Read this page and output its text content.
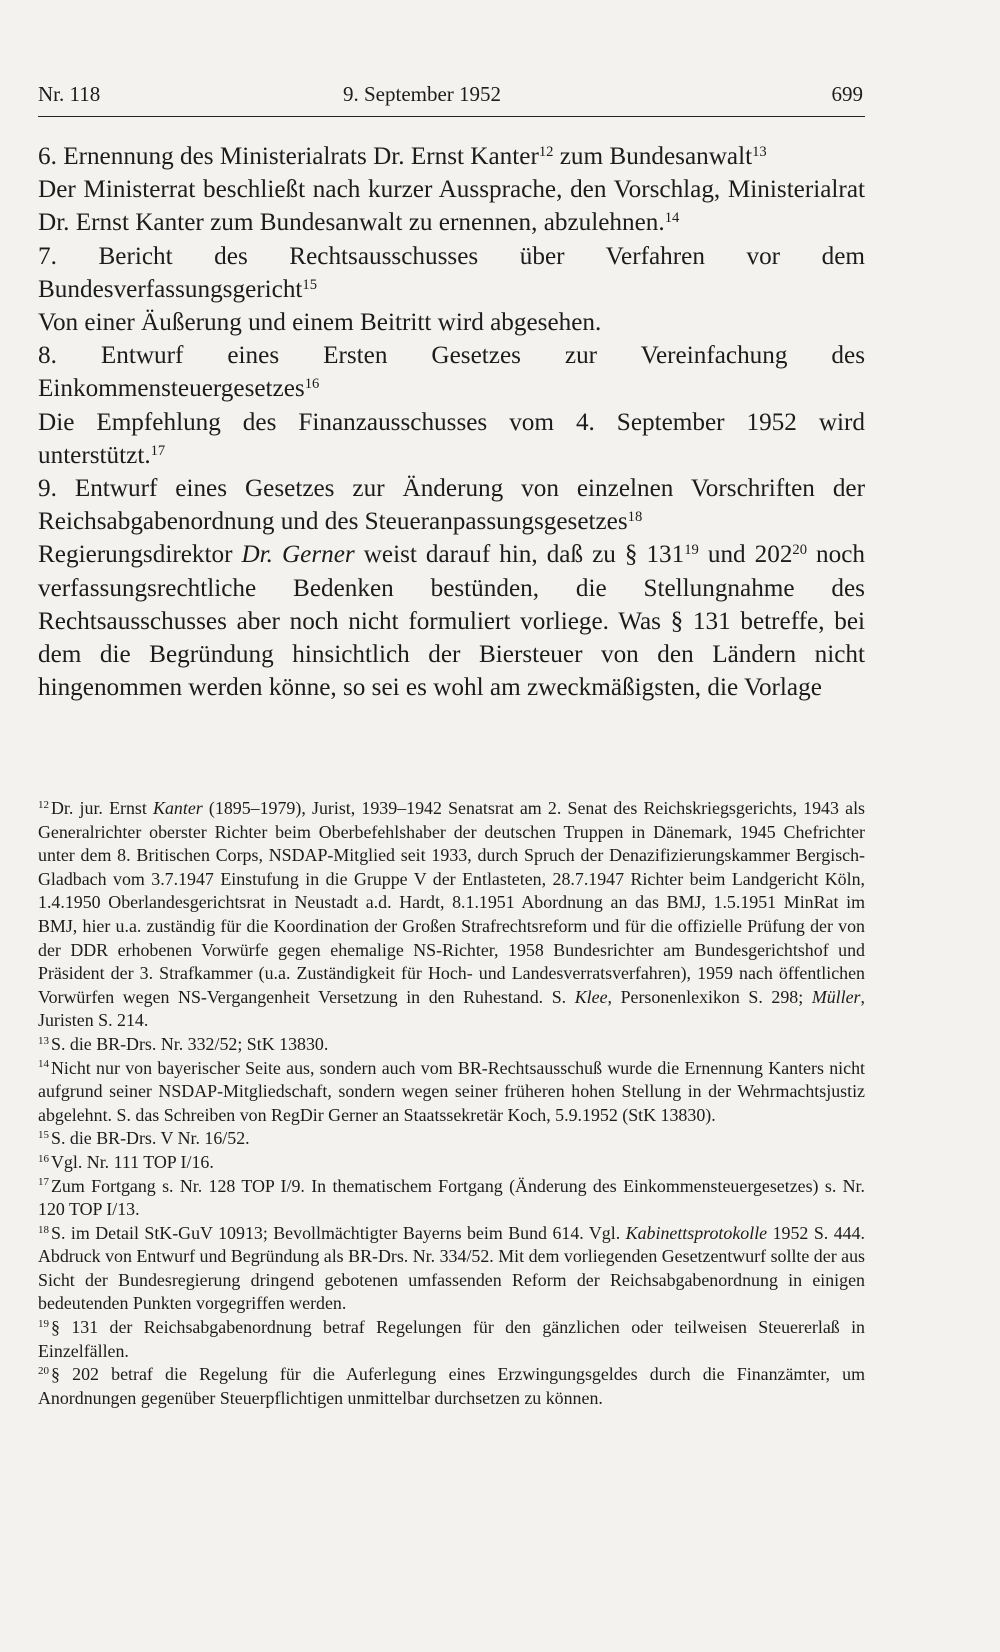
Nr. 118	9. September 1952	699

6. Ernennung des Ministerialrats Dr. Ernst Kanter$^{12}$ zum Bundesanwalt$^{13}$

Der Ministerrat beschließt nach kurzer Aussprache, den Vorschlag, Ministerialrat Dr. Ernst Kanter zum Bundesanwalt zu ernennen, abzulehnen.$^{14}$

7. Bericht des Rechtsausschusses über Verfahren vor dem Bundesverfassungsgericht$^{15}$

Von einer Äußerung und einem Beitritt wird abgesehen.

8. Entwurf eines Ersten Gesetzes zur Vereinfachung des Einkommensteuergesetzes$^{16}$

Die Empfehlung des Finanzausschusses vom 4. September 1952 wird unterstützt.$^{17}$

9. Entwurf eines Gesetzes zur Änderung von einzelnen Vorschriften der Reichsabgabenordnung und des Steueranpassungsgesetzes$^{18}$

Regierungsdirektor Dr. Gerner weist darauf hin, daß zu § $131^{19}$ und $202^{20}$ noch verfassungsrechtliche Bedenken bestünden, die Stellungnahme des Rechtsausschusses aber noch nicht formuliert vorliege. Was § 131 betreffe, bei dem die Begründung hinsichtlich der Biersteuer von den Ländern nicht hingenommen werden könne, so sei es wohl am zweckmäßigsten, die Vorlage

$^{12}$ Dr. jur. Ernst Kanter (1895–1979), Jurist, 1939–1942 Senatsrat am 2. Senat des Reichskriegsgerichts, 1943 als Generalrichter oberster Richter beim Oberbefehlshaber der deutschen Truppen in Dänemark, 1945 Chefrichter unter dem 8. Britischen Corps, NSDAP-Mitglied seit 1933, durch Spruch der Denazifizierungskammer Bergisch-Gladbach vom 3.7.1947 Einstufung in die Gruppe V der Entlasteten, 28.7.1947 Richter beim Landgericht Köln, 1.4.1950 Oberlandesgerichtsrat in Neustadt a.d. Hardt, 8.1.1951 Abordnung an das BMJ, 1.5.1951 MinRat im BMJ, hier u.a. zuständig für die Koordination der Großen Strafrechtsreform und für die offizielle Prüfung der von der DDR erhobenen Vorwürfe gegen ehemalige NS-Richter, 1958 Bundesrichter am Bundesgerichtshof und Präsident der 3. Strafkammer (u.a. Zuständigkeit für Hoch- und Landesverratsverfahren), 1959 nach öffentlichen Vorwürfen wegen NS-Vergangenheit Versetzung in den Ruhestand. S. Klee, Personenlexikon S. 298; Müller, Juristen S. 214.

$^{13}$ S. die BR-Drs. Nr. 332/52; StK 13830.

$^{14}$ Nicht nur von bayerischer Seite aus, sondern auch vom BR-Rechtsausschuß wurde die Ernennung Kanters nicht aufgrund seiner NSDAP-Mitgliedschaft, sondern wegen seiner früheren hohen Stellung in der Wehrmachtsjustiz abgelehnt. S. das Schreiben von RegDir Gerner an Staatssekretär Koch, 5.9.1952 (StK 13830).

$^{15}$ S. die BR-Drs. V Nr. 16/52.

$^{16}$ Vgl. Nr. 111 TOP I/16.

$^{17}$ Zum Fortgang s. Nr. 128 TOP I/9. In thematischem Fortgang (Änderung des Einkommensteuergesetzes) s. Nr. 120 TOP I/13.

$^{18}$ S. im Detail StK-GuV 10913; Bevollmächtigter Bayerns beim Bund 614. Vgl. Kabinettsprotokolle 1952 S. 444. Abdruck von Entwurf und Begründung als BR-Drs. Nr. 334/52. Mit dem vorliegenden Gesetzentwurf sollte der aus Sicht der Bundesregierung dringend gebotenen umfassenden Reform der Reichsabgabenordnung in einigen bedeutenden Punkten vorgegriffen werden.

$^{19}$ § 131 der Reichsabgabenordnung betraf Regelungen für den gänzlichen oder teilweisen Steuererlaß in Einzelfällen.

$^{20}$ § 202 betraf die Regelung für die Auferlegung eines Erzwingungsgeldes durch die Finanzämter, um Anordnungen gegenüber Steuerpflichtigen unmittelbar durchsetzen zu können.
